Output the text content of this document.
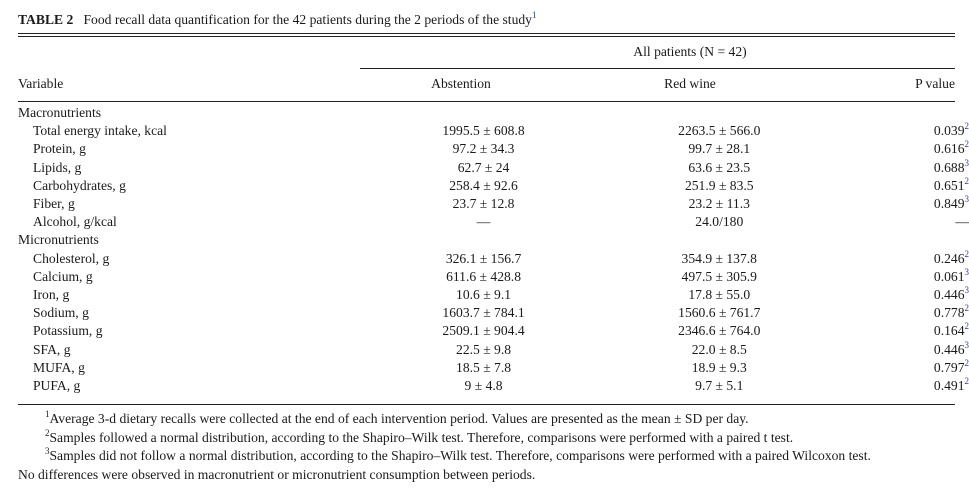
TABLE 2 Food recall data quantification for the 42 patients during the 2 periods of the study$^1$
All patients (N = 42)
Variable	Abstention	Red wine	P value
Macronutrients			
Total energy intake, kcal	1995.5 ± 608.8	2263.5 ± 566.0	0.039$^2$
Protein, g	97.2 ± 34.3	99.7 ± 28.1	0.616$^2$
Lipids, g	62.7 ± 24	63.6 ± 23.5	0.688$^3$
Carbohydrates, g	258.4 ± 92.6	251.9 ± 83.5	0.651$^2$
Fiber, g	23.7 ± 12.8	23.2 ± 11.3	0.849$^3$
Alcohol, g/kcal	—	24.0/180	—
Micronutrients			
Cholesterol, g	326.1 ± 156.7	354.9 ± 137.8	0.246$^2$
Calcium, g	611.6 ± 428.8	497.5 ± 305.9	0.061$^3$
Iron, g	10.6 ± 9.1	17.8 ± 55.0	0.446$^3$
Sodium, g	1603.7 ± 784.1	1560.6 ± 761.7	0.778$^2$
Potassium, g	2509.1 ± 904.4	2346.6 ± 764.0	0.164$^2$
SFA, g	22.5 ± 9.8	22.0 ± 8.5	0.446$^3$
MUFA, g	18.5 ± 7.8	18.9 ± 9.3	0.797$^2$
PUFA, g	9 ± 4.8	9.7 ± 5.1	0.491$^2$
$^1$Average 3-d dietary recalls were collected at the end of each intervention period. Values are presented as the mean ± SD per day.
$^2$Samples followed a normal distribution, according to the Shapiro–Wilk test. Therefore, comparisons were performed with a paired t test.
$^3$Samples did not follow a normal distribution, according to the Shapiro–Wilk test. Therefore, comparisons were performed with a paired Wilcoxon test.
No differences were observed in macronutrient or micronutrient consumption between periods.
